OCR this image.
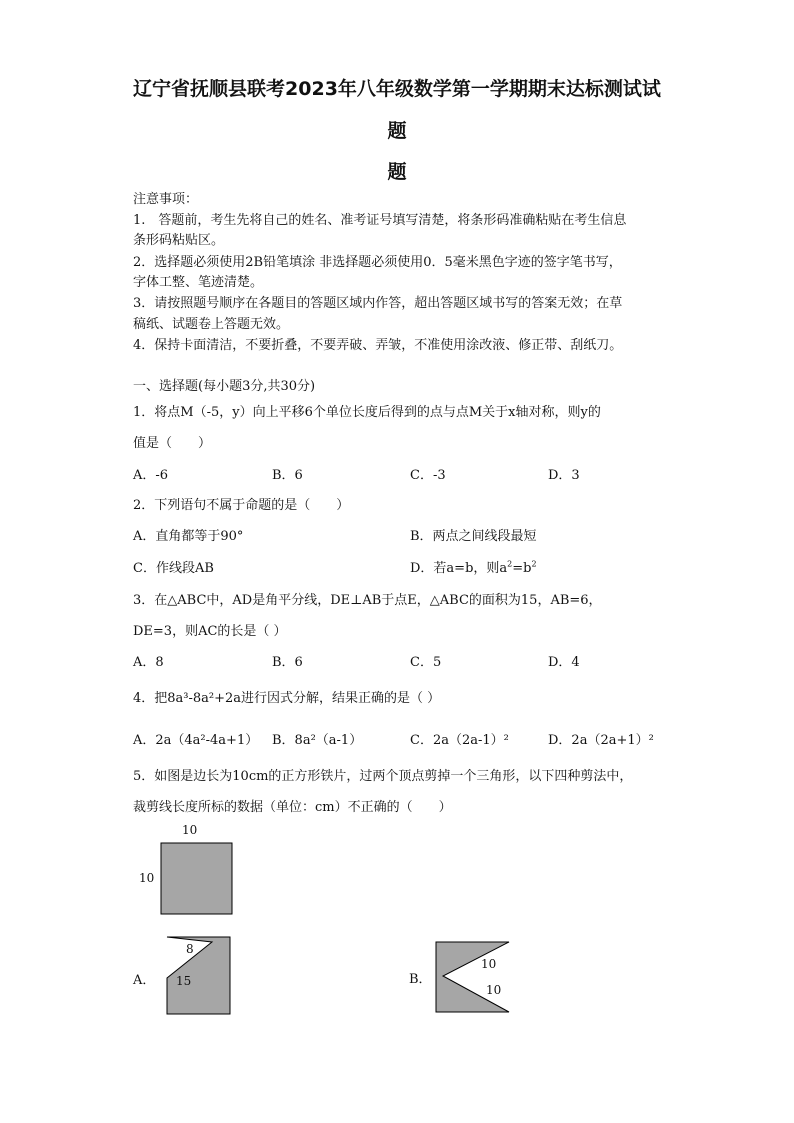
辽宁省抚顺县联考2023年八年级数学第一学期期末达标测试试
题
题
注意事项：
1.　答题前，考生先将自己的姓名、准考证号填写清楚，将条形码准确粘贴在考生信息
条形码粘贴区。
2．选择题必须使用2B铅笔填涂 非选择题必须使用0．5毫米黑色字迹的签字笔书写，
字体工整、笔迹清楚。
3．请按照题号顺序在各题目的答题区域内作答，超出答题区域书写的答案无效；在草
稿纸、试题卷上答题无效。
4．保持卡面清洁，不要折叠，不要弄破、弄皱，不准使用涂改液、修正带、刮纸刀。
一、选择题(每小题3分,共30分)
1．将点M（-5，y）向上平移6个单位长度后得到的点与点M关于x轴对称，则y的
值是（　　）
A．-6	B．6	C．-3	D．3
2．下列语句不属于命题的是（　　）
A．直角都等于90°	B．两点之间线段最短
C．作线段AB	D．若a=b，则$a^2=b^2$
3．在△ABC中，AD是角平分线，DE⊥AB于点E，△ABC的面积为15，AB=6，
DE=3，则AC的长是（ ）
A．8	B．6	C．5	D．4
4．把8a³-8a²+2a进行因式分解，结果正确的是（ ）
A．2a（4a²-4a+1） B．8a²（a-1）	C．2a（2a-1）²	D．2a（2a+1）²
5．如图是边长为10cm的正方形铁片，过两个顶点剪掉一个三角形，以下四种剪法中，
裁剪线长度所标的数据（单位：cm）不正确的（　　）
10
10
A．
8
15	B．
10
10
